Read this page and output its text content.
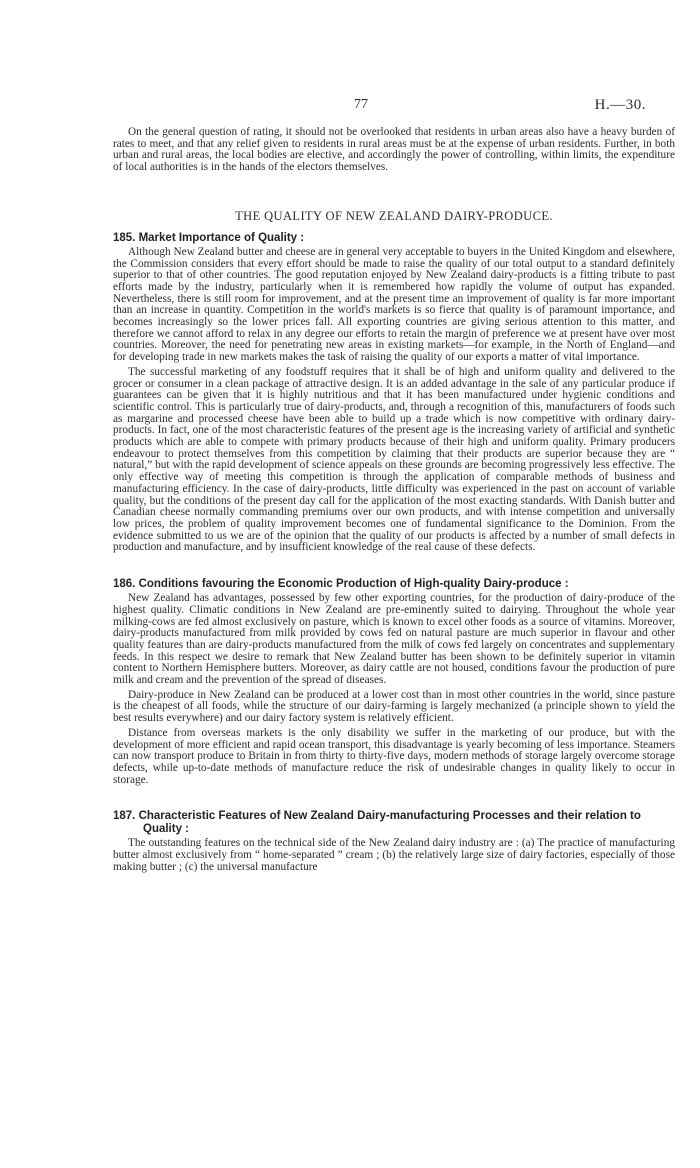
77	H.—30.

On the general question of rating, it should not be overlooked that residents in urban areas also have a heavy burden of rates to meet, and that any relief given to residents in rural areas must be at the expense of urban residents. Further, in both urban and rural areas, the local bodies are elective, and accordingly the power of controlling, within limits, the expenditure of local authorities is in the hands of the electors themselves.

THE QUALITY OF NEW ZEALAND DAIRY-PRODUCE.
185. Market Importance of Quality :

Although New Zealand butter and cheese are in general very acceptable to buyers in the United Kingdom and elsewhere, the Commission considers that every effort should be made to raise the quality of our total output to a standard definitely superior to that of other countries. The good reputation enjoyed by New Zealand dairy-products is a fitting tribute to past efforts made by the industry, particularly when it is remembered how rapidly the volume of output has expanded. Nevertheless, there is still room for improvement, and at the present time an improvement of quality is far more important than an increase in quantity. Competition in the world's markets is so fierce that quality is of paramount importance, and becomes increasingly so the lower prices fall. All exporting countries are giving serious attention to this matter, and therefore we cannot afford to relax in any degree our efforts to retain the margin of preference we at present have over most countries. Moreover, the need for penetrating new areas in existing markets—for example, in the North of England—and for developing trade in new markets makes the task of raising the quality of our exports a matter of vital importance.

The successful marketing of any foodstuff requires that it shall be of high and uniform quality and delivered to the grocer or consumer in a clean package of attractive design. It is an added advantage in the sale of any particular produce if guarantees can be given that it is highly nutritious and that it has been manufactured under hygienic conditions and scientific control. This is particularly true of dairy-products, and, through a recognition of this, manufacturers of foods such as margarine and processed cheese have been able to build up a trade which is now competitive with ordinary dairy-products. In fact, one of the most characteristic features of the present age is the increasing variety of artificial and synthetic products which are able to compete with primary products because of their high and uniform quality. Primary producers endeavour to protect themselves from this competition by claiming that their products are superior because they are “ natural,” but with the rapid development of science appeals on these grounds are becoming progressively less effective. The only effective way of meeting this competition is through the application of comparable methods of business and manufacturing efficiency. In the case of dairy-products, little difficulty was experienced in the past on account of variable quality, but the conditions of the present day call for the application of the most exacting standards. With Danish butter and Canadian cheese normally commanding premiums over our own products, and with intense competition and universally low prices, the problem of quality improvement becomes one of fundamental significance to the Dominion. From the evidence submitted to us we are of the opinion that the quality of our products is affected by a number of small defects in production and manufacture, and by insufficient knowledge of the real cause of these defects.

186. Conditions favouring the Economic Production of High-quality Dairy-produce :

New Zealand has advantages, possessed by few other exporting countries, for the production of dairy-produce of the highest quality. Climatic conditions in New Zealand are pre-eminently suited to dairying. Throughout the whole year milking-cows are fed almost exclusively on pasture, which is known to excel other foods as a source of vitamins. Moreover, dairy-products manufactured from milk provided by cows fed on natural pasture are much superior in flavour and other quality features than are dairy-products manufactured from the milk of cows fed largely on concentrates and supplementary feeds. In this respect we desire to remark that New Zealand butter has been shown to be definitely superior in vitamin content to Northern Hemisphere butters. Moreover, as dairy cattle are not housed, conditions favour the production of pure milk and cream and the prevention of the spread of diseases.

Dairy-produce in New Zealand can be produced at a lower cost than in most other countries in the world, since pasture is the cheapest of all foods, while the structure of our dairy-farming is largely mechanized (a principle shown to yield the best results everywhere) and our dairy factory system is relatively efficient.

Distance from overseas markets is the only disability we suffer in the marketing of our produce, but with the development of more efficient and rapid ocean transport, this disadvantage is yearly becoming of less importance. Steamers can now transport produce to Britain in from thirty to thirty-five days, modern methods of storage largely overcome storage defects, while up-to-date methods of manufacture reduce the risk of undesirable changes in quality likely to occur in storage.

187. Characteristic Features of New Zealand Dairy-manufacturing Processes and their relation to
Quality :

The outstanding features on the technical side of the New Zealand dairy industry are : (a) The practice of manufacturing butter almost exclusively from “ home-separated ” cream ; (b) the relatively large size of dairy factories, especially of those making butter ; (c) the universal manufacture
